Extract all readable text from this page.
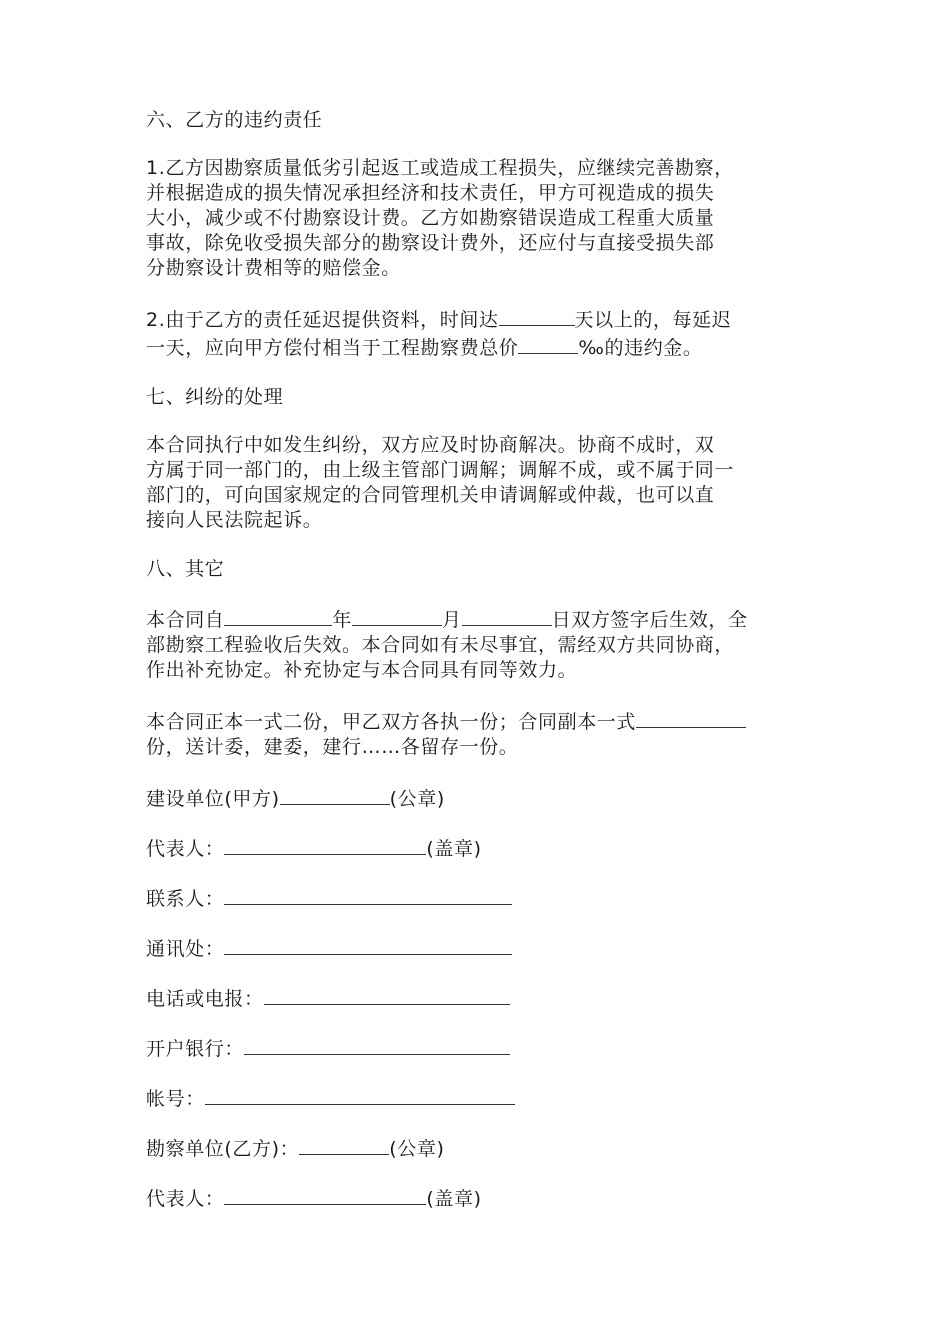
六、乙方的违约责任
1.乙方因勘察质量低劣引起返工或造成工程损失，应继续完善勘察，
并根据造成的损失情况承担经济和技术责任，甲方可视造成的损失
大小，减少或不付勘察设计费。乙方如勘察错误造成工程重大质量
事故，除免收受损失部分的勘察设计费外，还应付与直接受损失部
分勘察设计费相等的赔偿金。
2.由于乙方的责任延迟提供资料，时间达	天以上的，每延迟
一天，应向甲方偿付相当于工程勘察费总价	‰的违约金。
七、纠纷的处理
本合同执行中如发生纠纷，双方应及时协商解决。协商不成时，双
方属于同一部门的，由上级主管部门调解；调解不成，或不属于同一
部门的，可向国家规定的合同管理机关申请调解或仲裁，也可以直
接向人民法院起诉。
八、其它
本合同自	年	月	日双方签字后生效，全
部勘察工程验收后失效。本合同如有未尽事宜，需经双方共同协商，
作出补充协定。补充协定与本合同具有同等效力。
本合同正本一式二份，甲乙双方各执一份；合同副本一式
份，送计委，建委，建行……各留存一份。
建设单位(甲方)	(公章)
代表人：	(盖章)
联系人：
通讯处：
电话或电报：
开户银行：
帐号：
勘察单位(乙方)：	(公章)
代表人：	(盖章)
